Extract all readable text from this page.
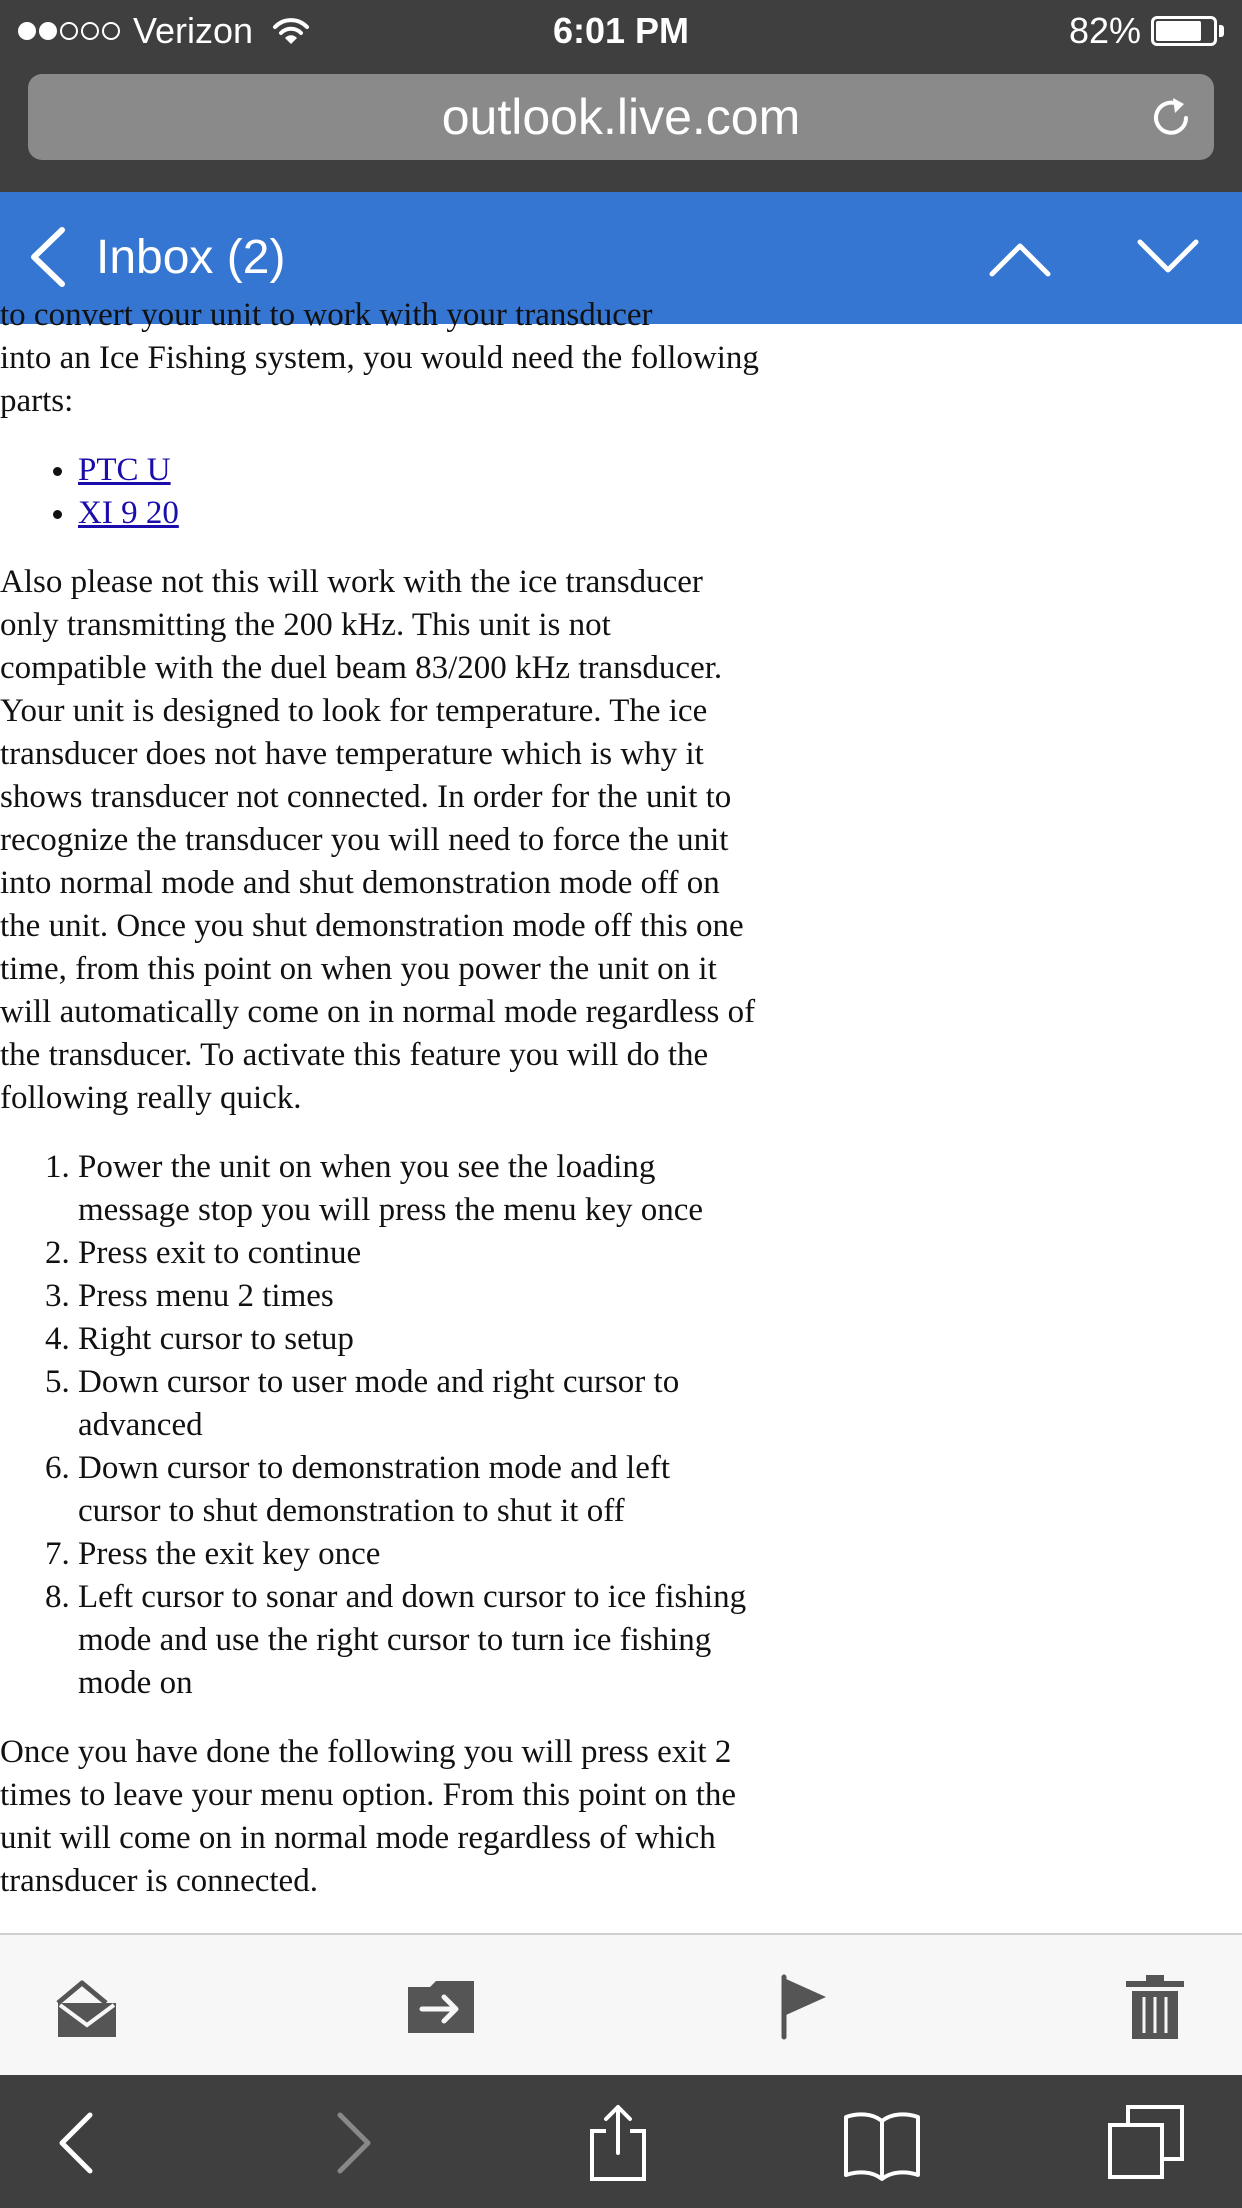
Verizon	6:01 PM	82%
outlook.live.com
Inbox (2)

to convert your unit to work with your transducer

into an Ice Fishing system, you would need the following parts:

• PTC U
• XI 9 20

Also please not this will work with the ice transducer only transmitting the 200 kHz. This unit is not compatible with the duel beam 83/200 kHz transducer. Your unit is designed to look for temperature. The ice transducer does not have temperature which is why it shows transducer not connected. In order for the unit to recognize the transducer you will need to force the unit into normal mode and shut demonstration mode off on the unit. Once you shut demonstration mode off this one time, from this point on when you power the unit on it will automatically come on in normal mode regardless of the transducer. To activate this feature you will do the following really quick.

1. Power the unit on when you see the loading message stop you will press the menu key once
2. Press exit to continue
3. Press menu 2 times
4. Right cursor to setup
5. Down cursor to user mode and right cursor to advanced
6. Down cursor to demonstration mode and left cursor to shut demonstration to shut it off
7. Press the exit key once
8. Left cursor to sonar and down cursor to ice fishing mode and use the right cursor to turn ice fishing mode on

Once you have done the following you will press exit 2 times to leave your menu option. From this point on the unit will come on in normal mode regardless of which transducer is connected.
